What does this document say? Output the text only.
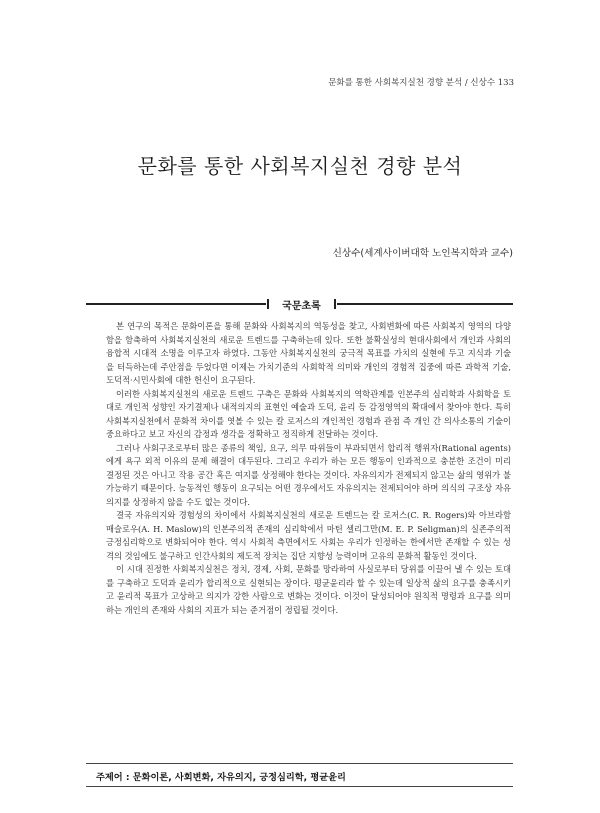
문화를 통한 사회복지실천 경향 분석 / 신상수 133
문화를 통한 사회복지실천 경향 분석
신상수(세계사이버대학 노인복지학과 교수)
국문초록

본 연구의 목적은 문화이론을 통해 문화와 사회복지의 역동성을 찾고, 사회변화에 따른 사회복지 영역의 다양함을 함축하여 사회복지실천의 새로운 트렌드를 구축하는데 있다. 또한 불확실성의 현대사회에서 개인과 사회의 융합적 시대적 소명을 이루고자 하였다. 그동안 사회복지실천의 궁극적 목표를 가치의 실현에 두고 지식과 기술을 터득하는데 주안점을 두었다면 이제는 가치기준의 사회학적 의미와 개인의 경험적 집중에 따른 과학적 기술, 도덕적·시민사회에 대한 헌신이 요구된다.

이러한 사회복지실천의 새로운 트렌드 구축은 문화와 사회복지의 역학관계를 인본주의 심리학과 사회학을 토대로 개인적 성향인 자기결제나 내적의지의 표현인 예술과 도덕, 윤리 등 감정영역의 확대에서 찾아야 한다. 특히 사회복지실천에서 문화적 차이를 엿볼 수 있는 칼 로저스의 개인적인 경험과 관점 즉 개인 간 의사소통의 기술이 중요하다고 보고 자신의 감정과 생각을 정확하고 정직하게 전달하는 것이다.

그러나 사회구조로부터 많은 종류의 책임, 요구, 의무 따위들이 부과되면서 합리적 행위자(Rational agents)에게 욕구 외적 이유의 문제 해결이 대두된다. 그리고 우리가 하는 모든 행동이 인과적으로 충분한 조건이 미리 결정된 것은 아니고 작용 공간 혹은 여지를 상정해야 한다는 것이다. 자유의지가 전제되지 않고는 삶의 영위가 불가능하기 때문이다. 능동적인 행동이 요구되는 어떤 경우에서도 자유의지는 전제되어야 하며 의식의 구조상 자유의지를 상정하지 않을 수도 없는 것이다.

결국 자유의지와 경험성의 차이에서 사회복지실천의 새로운 트렌드는 칼 로저스(C. R. Rogers)와 아브라함 매슬로우(A. H. Maslow)의 인본주의적 존재의 심리학에서 마틴 셀리그만(M. E. P. Seligman)의 실존주의적 긍정심리학으로 변화되어야 한다. 역시 사회적 측면에서도 사회는 우리가 인정하는 한에서만 존재할 수 있는 성격의 것임에도 불구하고 인간사회의 제도적 장치는 집단 지향성 능력이며 고유의 문화적 활동인 것이다.

이 시대 진정한 사회복지실천은 정치, 경제, 사회, 문화를 망라하여 사실로부터 당위를 이끌어 낼 수 있는 토대를 구축하고 도덕과 윤리가 합리적으로 실현되는 장이다. 평균윤리라 할 수 있는데 일상적 삶의 요구를 충족시키고 윤리적 목표가 고상하고 의지가 강한 사람으로 변화는 것이다. 이것이 달성되어야 원칙적 명령과 요구를 의미하는 개인의 존재와 사회의 지표가 되는 준거점이 정립될 것이다.

주제어 : 문화이론, 사회변화, 자유의지, 긍정심리학, 평균윤리
